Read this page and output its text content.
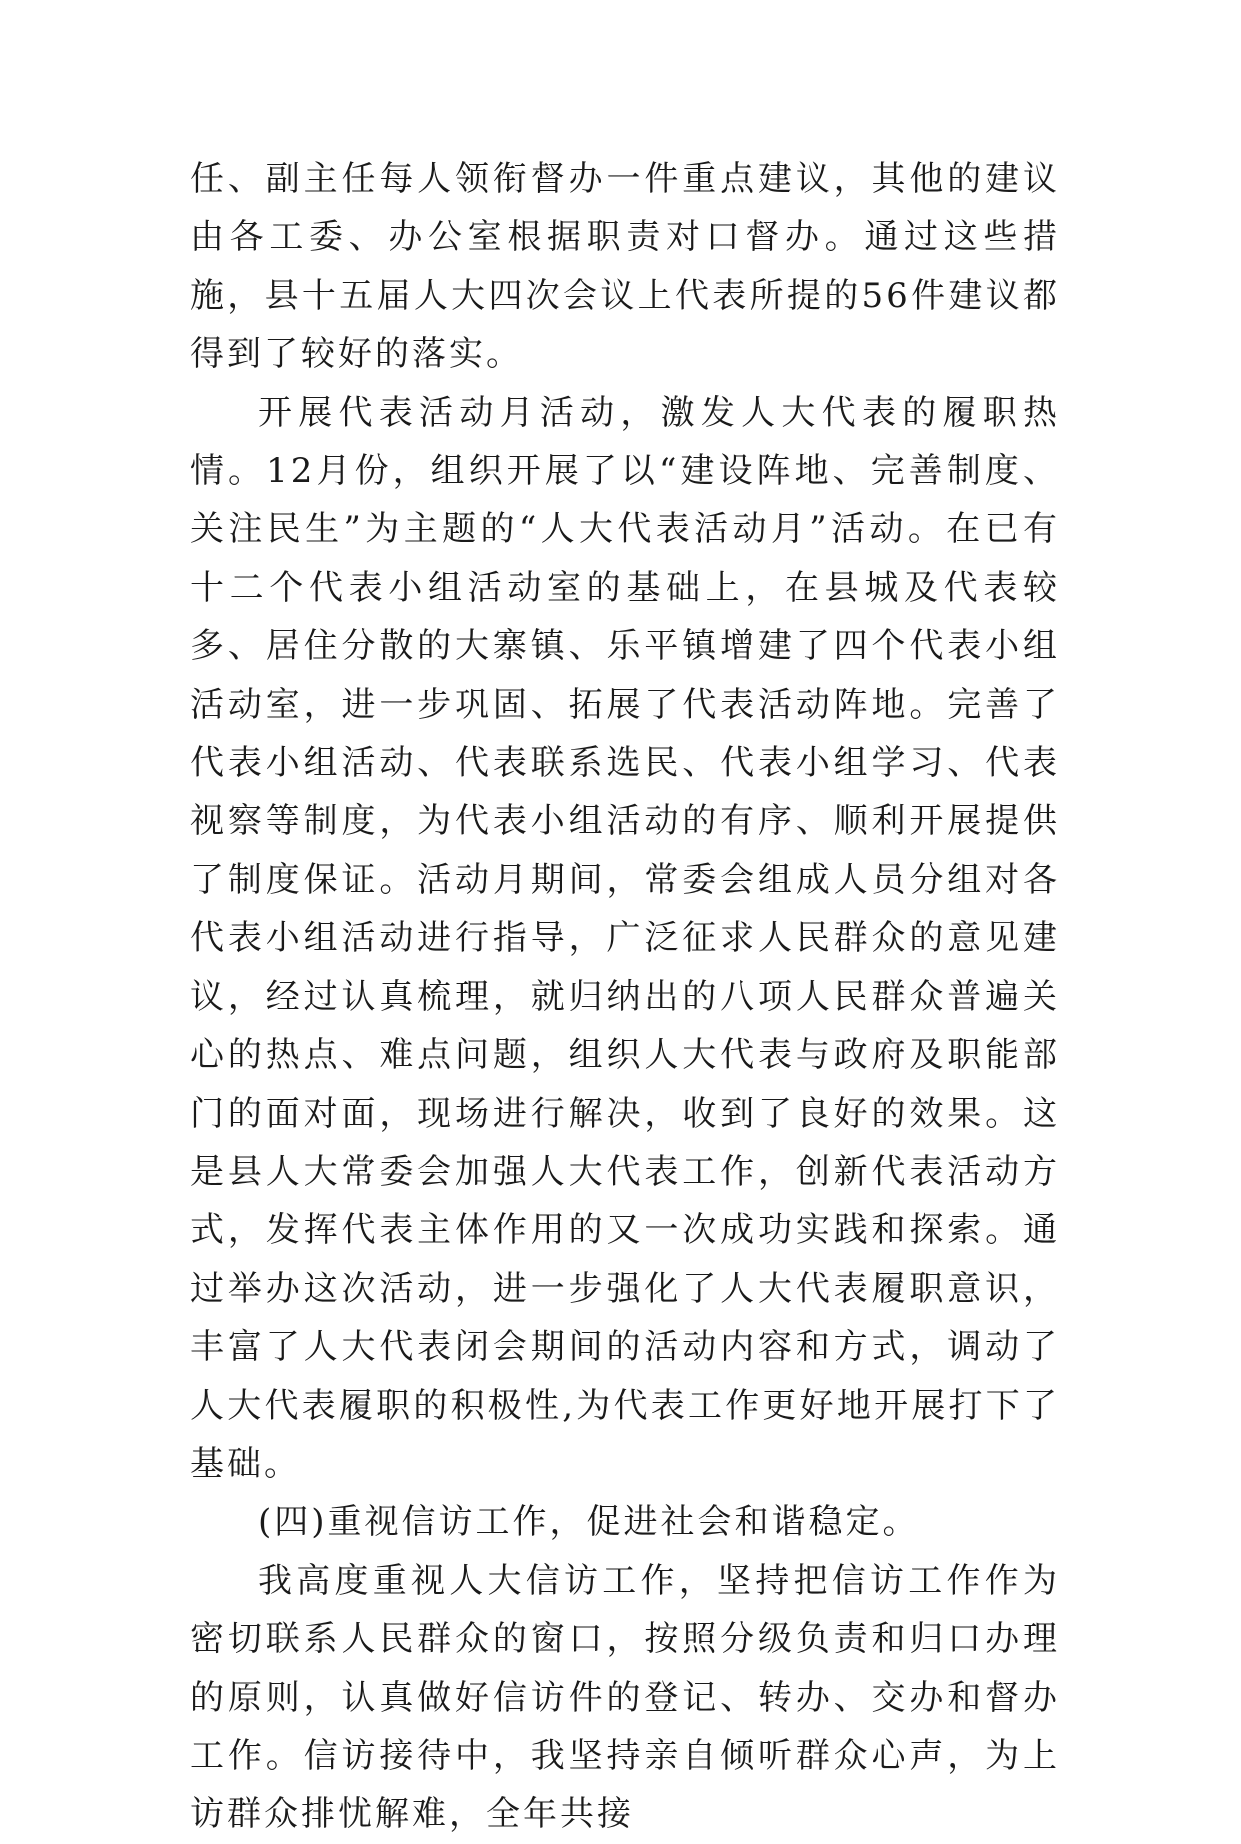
任、副主任每人领衔督办一件重点建议，其他的建议由各工委、办公室根据职责对口督办。通过这些措施，县十五届人大四次会议上代表所提的56件建议都得到了较好的落实。

开展代表活动月活动，激发人大代表的履职热情。12月份，组织开展了以“建设阵地、完善制度、关注民生”为主题的“人大代表活动月”活动。在已有十二个代表小组活动室的基础上，在县城及代表较多、居住分散的大寨镇、乐平镇增建了四个代表小组活动室，进一步巩固、拓展了代表活动阵地。完善了代表小组活动、代表联系选民、代表小组学习、代表视察等制度，为代表小组活动的有序、顺利开展提供了制度保证。活动月期间，常委会组成人员分组对各代表小组活动进行指导，广泛征求人民群众的意见建议，经过认真梳理，就归纳出的八项人民群众普遍关心的热点、难点问题，组织人大代表与政府及职能部门的面对面，现场进行解决，收到了良好的效果。这是县人大常委会加强人大代表工作，创新代表活动方式，发挥代表主体作用的又一次成功实践和探索。通过举办这次活动，进一步强化了人大代表履职意识，丰富了人大代表闭会期间的活动内容和方式，调动了人大代表履职的积极性,为代表工作更好地开展打下了基础。

(四)重视信访工作，促进社会和谐稳定。

我高度重视人大信访工作，坚持把信访工作作为密切联系人民群众的窗口，按照分级负责和归口办理的原则，认真做好信访件的登记、转办、交办和督办工作。信访接待中，我坚持亲自倾听群众心声，为上访群众排忧解难，全年共接
